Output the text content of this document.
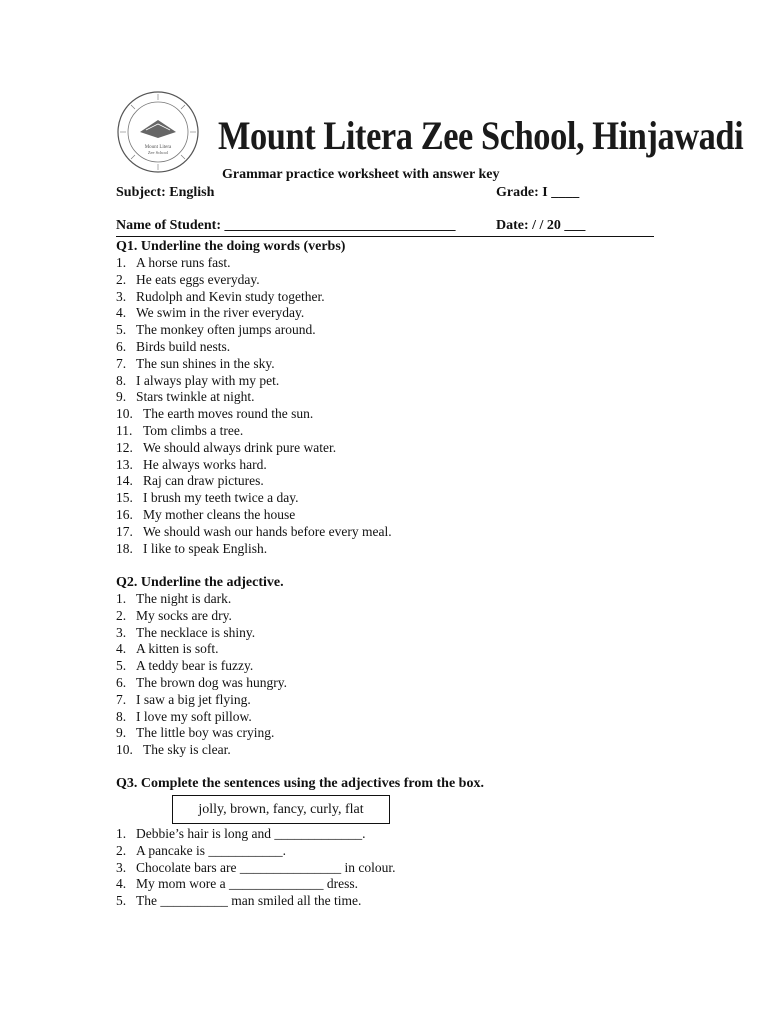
Mount Litera
Zee School Mount Litera Zee School, Hinjawadi
Grammar practice worksheet with answer key
Subject: English	Grade: I ____
Name of Student: _________________________________	Date: / / 20 ___
Q1. Underline the doing words (verbs)
1. A horse runs fast.
2. He eats eggs everyday.
3. Rudolph and Kevin study together.
4. We swim in the river everyday.
5. The monkey often jumps around.
6. Birds build nests.
7. The sun shines in the sky.
8. I always play with my pet.
9. Stars twinkle at night.
10. The earth moves round the sun.
11. Tom climbs a tree.
12. We should always drink pure water.
13. He always works hard.
14. Raj can draw pictures.
15. I brush my teeth twice a day.
16. My mother cleans the house
17. We should wash our hands before every meal.
18. I like to speak English.
Q2. Underline the adjective.
1. The night is dark.
2. My socks are dry.
3. The necklace is shiny.
4. A kitten is soft.
5. A teddy bear is fuzzy.
6. The brown dog was hungry.
7. I saw a big jet flying.
8. I love my soft pillow.
9. The little boy was crying.
10. The sky is clear.
Q3. Complete the sentences using the adjectives from the box.
jolly, brown, fancy, curly, flat
1. Debbie’s hair is long and _____________.
2. A pancake is ___________.
3. Chocolate bars are _______________ in colour.
4. My mom wore a ______________ dress.
5. The __________ man smiled all the time.
